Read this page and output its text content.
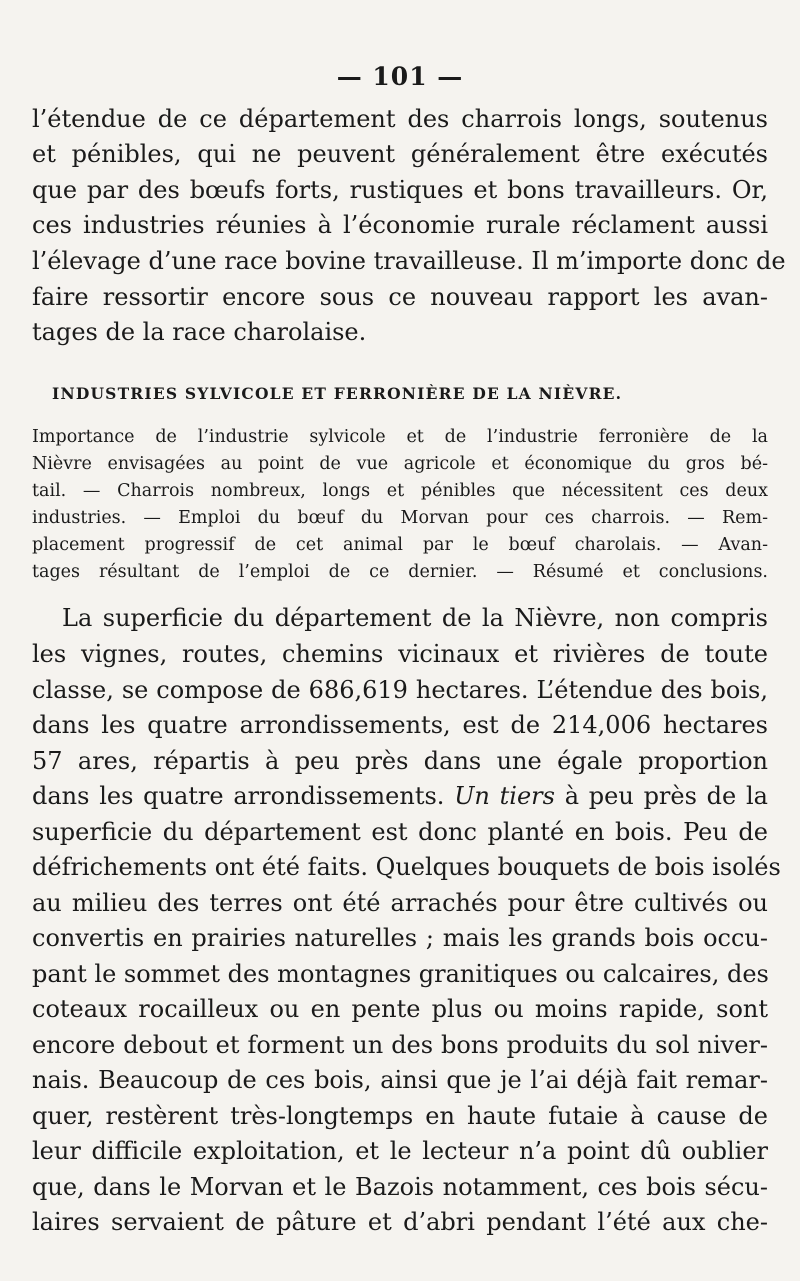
— 101 —
l’étendue de ce département des charrois longs, soutenus
et pénibles, qui ne peuvent généralement être exécutés
que par des bœufs forts, rustiques et bons travailleurs. Or,
ces industries réunies à l’économie rurale réclament aussi
l’élevage d’une race bovine travailleuse. Il m’importe donc de
faire ressortir encore sous ce nouveau rapport les avan-
tages de la race charolaise.
INDUSTRIES SYLVICOLE ET FERRONIÈRE DE LA NIÈVRE.
Importance de l’industrie sylvicole et de l’industrie ferronière de la
Nièvre envisagées au point de vue agricole et économique du gros bé-
tail. — Charrois nombreux, longs et pénibles que nécessitent ces deux
industries. — Emploi du bœuf du Morvan pour ces charrois. — Rem-
placement progressif de cet animal par le bœuf charolais. — Avan-
tages résultant de l’emploi de ce dernier. — Résumé et conclusions.
La superficie du département de la Nièvre, non compris
les vignes, routes, chemins vicinaux et rivières de toute
classe, se compose de 686,619 hectares. L’étendue des bois,
dans les quatre arrondissements, est de 214,006 hectares
57 ares, répartis à peu près dans une égale proportion
dans les quatre arrondissements. Un tiers à peu près de la
superficie du département est donc planté en bois. Peu de
défrichements ont été faits. Quelques bouquets de bois isolés
au milieu des terres ont été arrachés pour être cultivés ou
convertis en prairies naturelles ; mais les grands bois occu-
pant le sommet des montagnes granitiques ou calcaires, des
coteaux rocailleux ou en pente plus ou moins rapide, sont
encore debout et forment un des bons produits du sol niver-
nais. Beaucoup de ces bois, ainsi que je l’ai déjà fait remar-
quer, restèrent très-longtemps en haute futaie à cause de
leur difficile exploitation, et le lecteur n’a point dû oublier
que, dans le Morvan et le Bazois notamment, ces bois sécu-
laires servaient de pâture et d’abri pendant l’été aux che-
